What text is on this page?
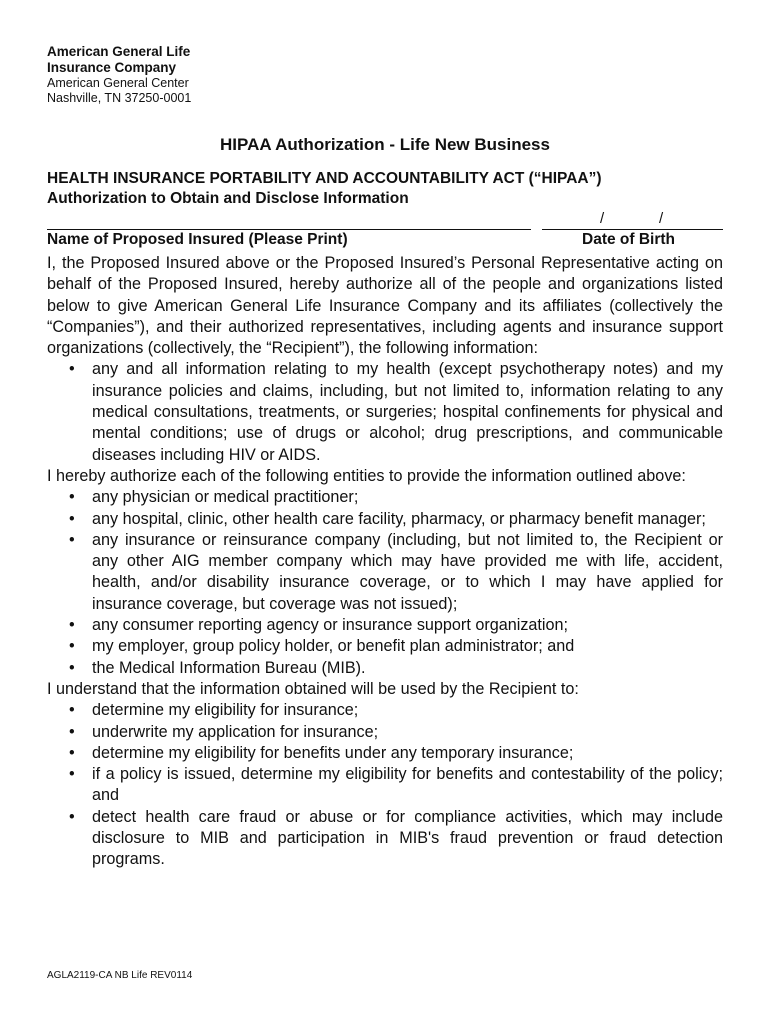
American General Life
Insurance Company
American General Center
Nashville, TN 37250-0001
HIPAA Authorization - Life New Business
HEALTH INSURANCE PORTABILITY AND ACCOUNTABILITY ACT (“HIPAA”)
Authorization to Obtain and Disclose Information
/	/
Name of Proposed Insured (Please Print)	Date of Birth

I, the Proposed Insured above or the Proposed Insured’s Personal Representative acting on behalf of the Proposed Insured, hereby authorize all of the people and organizations listed below to give American General Life Insurance Company and its affiliates (collectively the “Companies”), and their authorized representatives, including agents and insurance support organizations (collectively, the “Recipient”), the following information:

• any and all information relating to my health (except psychotherapy notes) and my insurance policies and claims, including, but not limited to, information relating to any medical consultations, treatments, or surgeries; hospital confinements for physical and mental conditions; use of drugs or alcohol; drug prescriptions, and communicable diseases including HIV or AIDS.

I hereby authorize each of the following entities to provide the information outlined above:

• any physician or medical practitioner;
• any hospital, clinic, other health care facility, pharmacy, or pharmacy benefit manager;
• any insurance or reinsurance company (including, but not limited to, the Recipient or any other AIG member company which may have provided me with life, accident, health, and/or disability insurance coverage, or to which I may have applied for insurance coverage, but coverage was not issued);
• any consumer reporting agency or insurance support organization;
• my employer, group policy holder, or benefit plan administrator; and
• the Medical Information Bureau (MIB).

I understand that the information obtained will be used by the Recipient to:

• determine my eligibility for insurance;
• underwrite my application for insurance;
• determine my eligibility for benefits under any temporary insurance;
• if a policy is issued, determine my eligibility for benefits and contestability of the policy; and
• detect health care fraud or abuse or for compliance activities, which may include disclosure to MIB and participation in MIB's fraud prevention or fraud detection programs.
AGLA2119-CA NB Life REV0114
